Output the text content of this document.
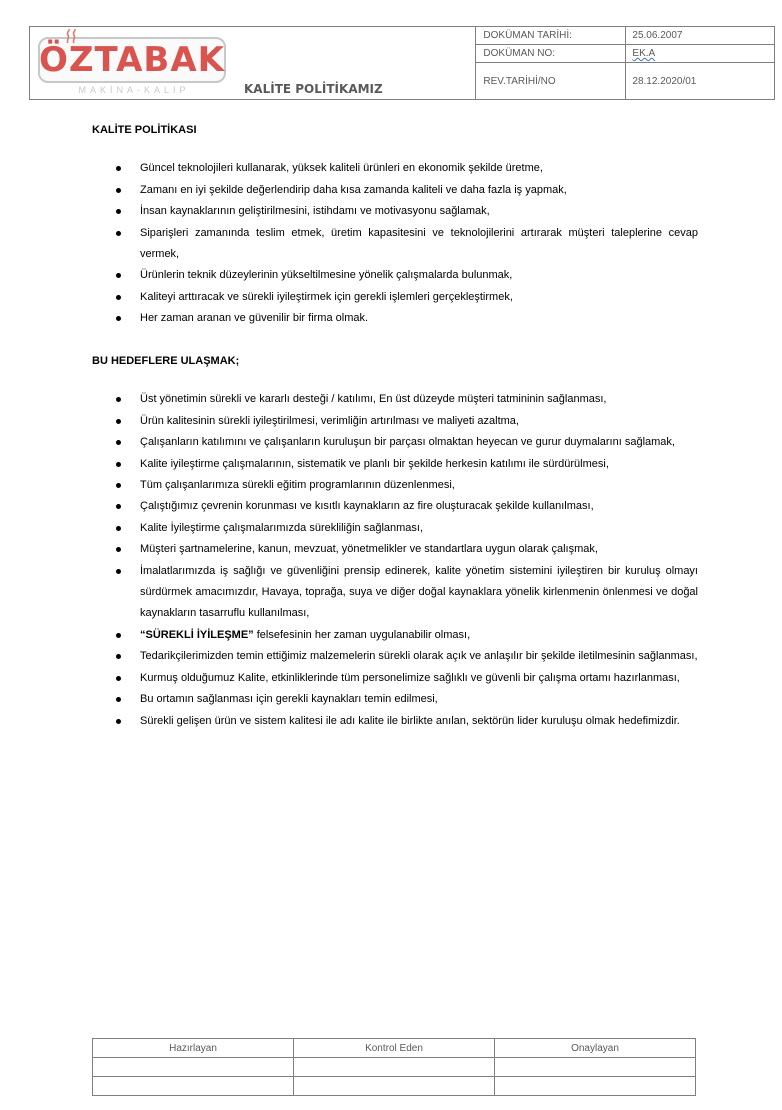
ÖZTABAK
MAKİNA-KALIP	KALİTE POLİTİKAMIZ
DOKÜMAN TARİHİ:	25.06.2007
DOKÜMAN NO:	EK.A
REV.TARİHİ/NO	28.12.2020/01
KALİTE POLİTİKASI
Güncel teknolojileri kullanarak, yüksek kaliteli ürünleri en ekonomik şekilde üretme,
Zamanı en iyi şekilde değerlendirip daha kısa zamanda kaliteli ve daha fazla iş yapmak,
İnsan kaynaklarının geliştirilmesini, istihdamı ve motivasyonu sağlamak,
Siparişleri zamanında teslim etmek, üretim kapasitesini ve teknolojilerini artırarak müşteri taleplerine cevap vermek,
Ürünlerin teknik düzeylerinin yükseltilmesine yönelik çalışmalarda bulunmak,
Kaliteyi arttıracak ve sürekli iyileştirmek için gerekli işlemleri gerçekleştirmek,
Her zaman aranan ve güvenilir bir firma olmak.
BU HEDEFLERE ULAŞMAK;
Üst yönetimin sürekli ve kararlı desteği / katılımı, En üst düzeyde müşteri tatmininin sağlanması,
Ürün kalitesinin sürekli iyileştirilmesi, verimliğin artırılması ve maliyeti azaltma,
Çalışanların katılımını ve çalışanların kuruluşun bir parçası olmaktan heyecan ve gurur duymalarını sağlamak,
Kalite iyileştirme çalışmalarının, sistematik ve planlı bir şekilde herkesin katılımı ile sürdürülmesi,
Tüm çalışanlarımıza sürekli eğitim programlarının düzenlenmesi,
Çalıştığımız çevrenin korunması ve kısıtlı kaynakların az fire oluşturacak şekilde kullanılması,
Kalite İyileştirme çalışmalarımızda sürekliliğin sağlanması,
Müşteri şartnamelerine, kanun, mevzuat, yönetmelikler ve standartlara uygun olarak çalışmak,
İmalatlarımızda iş sağlığı ve güvenliğini prensip edinerek, kalite yönetim sistemini iyileştiren bir kuruluş olmayı sürdürmek amacımızdır, Havaya, toprağa, suya ve diğer doğal kaynaklara yönelik kirlenmenin önlenmesi ve doğal kaynakların tasarruflu kullanılması,
“SÜREKLİ İYİLEŞME” felsefesinin her zaman uygulanabilir olması,
Tedarikçilerimizden temin ettiğimiz malzemelerin sürekli olarak açık ve anlaşılır bir şekilde iletilmesinin sağlanması,
Kurmuş olduğumuz Kalite, etkinliklerinde tüm personelimize sağlıklı ve güvenli bir çalışma ortamı hazırlanması,
Bu ortamın sağlanması için gerekli kaynakları temin edilmesi,
Sürekli gelişen ürün ve sistem kalitesi ile adı kalite ile birlikte anılan, sektörün lider kuruluşu olmak hedefimizdir.
Hazırlayan	Kontrol Eden	Onaylayan
